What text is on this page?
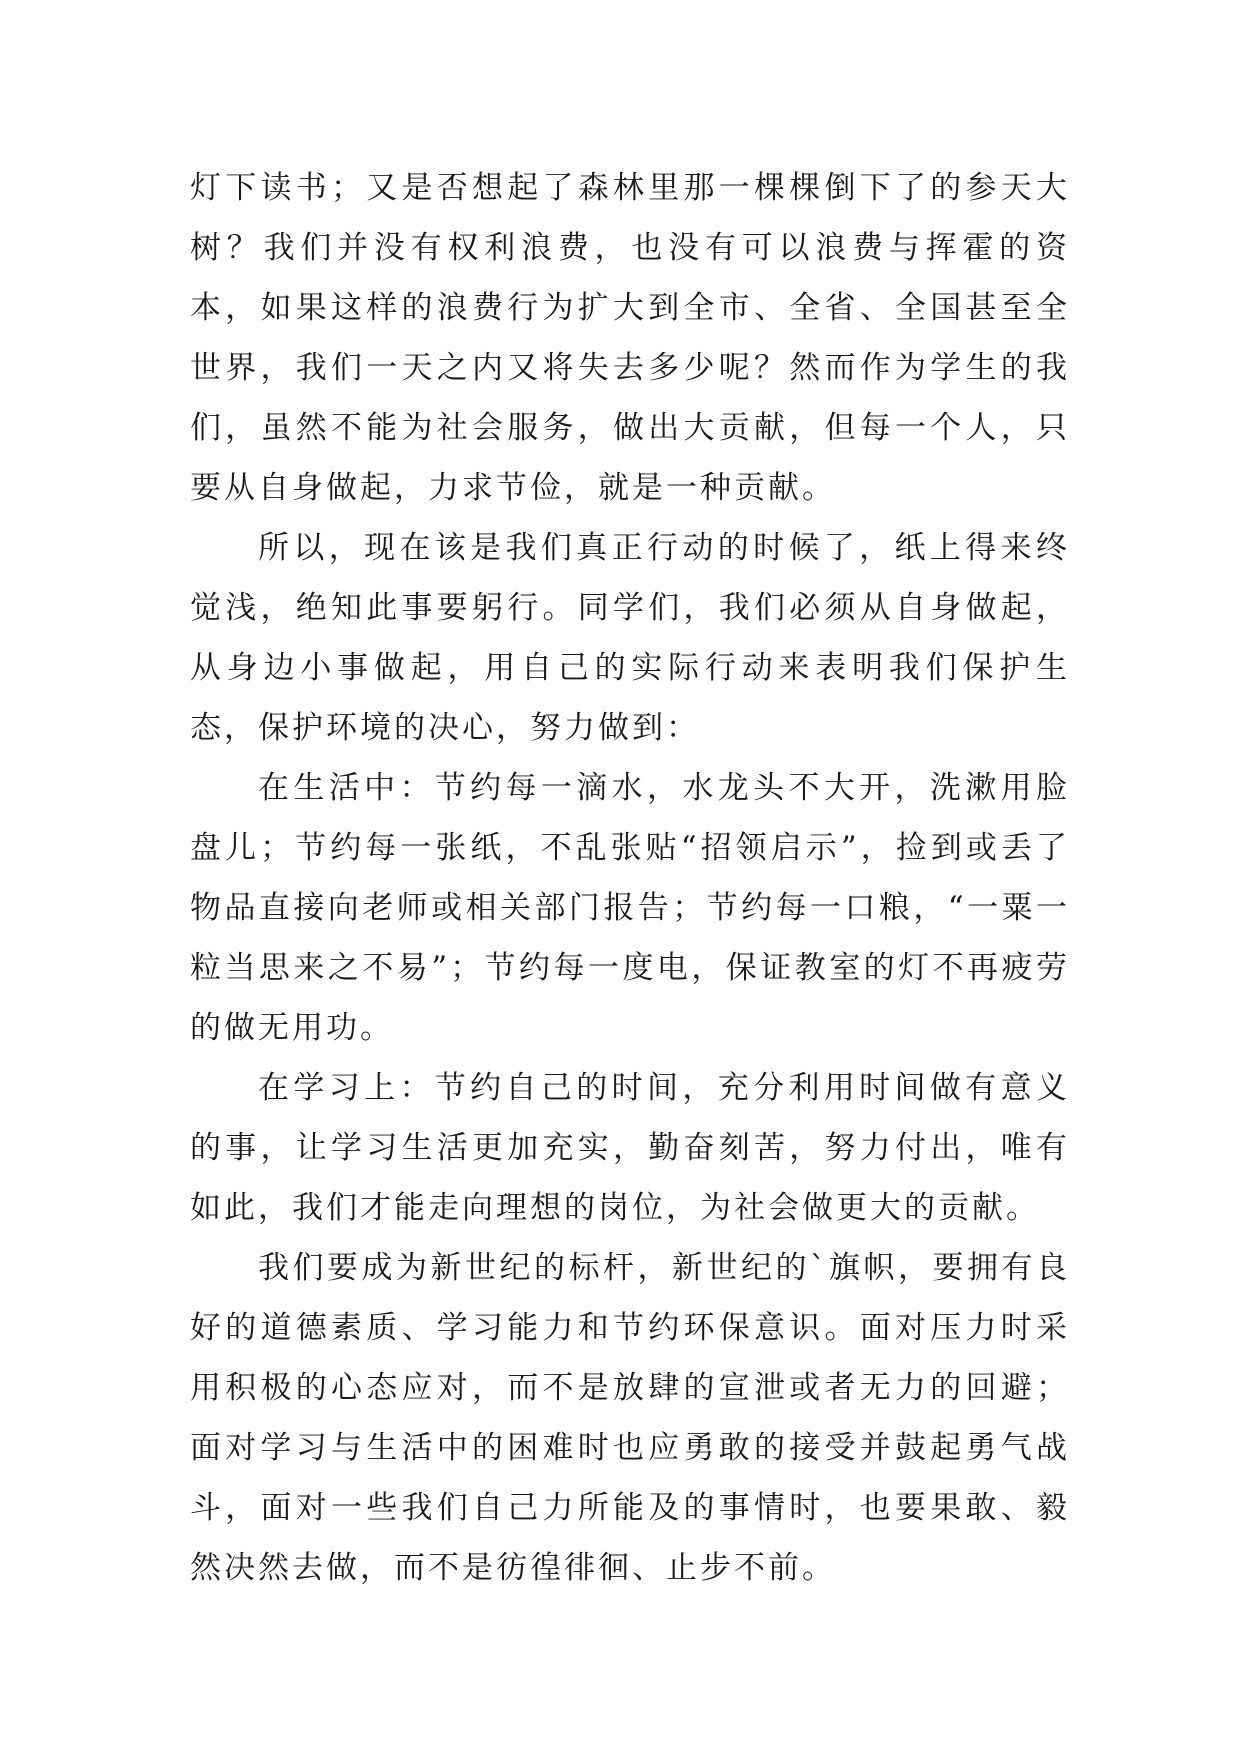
灯下读书；又是否想起了森林里那一棵棵倒下了的参天大树？我们并没有权利浪费，也没有可以浪费与挥霍的资本，如果这样的浪费行为扩大到全市、全省、全国甚至全世界，我们一天之内又将失去多少呢？然而作为学生的我们，虽然不能为社会服务，做出大贡献，但每一个人，只要从自身做起，力求节俭，就是一种贡献。

所以，现在该是我们真正行动的时候了，纸上得来终觉浅，绝知此事要躬行。同学们，我们必须从自身做起，从身边小事做起，用自己的实际行动来表明我们保护生态，保护环境的决心，努力做到：

在生活中：节约每一滴水，水龙头不大开，洗漱用脸盘儿；节约每一张纸，不乱张贴“招领启示”，捡到或丢了物品直接向老师或相关部门报告；节约每一口粮，“一粟一粒当思来之不易”；节约每一度电，保证教室的灯不再疲劳的做无用功。

在学习上：节约自己的时间，充分利用时间做有意义的事，让学习生活更加充实，勤奋刻苦，努力付出，唯有如此，我们才能走向理想的岗位，为社会做更大的贡献。

我们要成为新世纪的标杆，新世纪的`旗帜，要拥有良好的道德素质、学习能力和节约环保意识。面对压力时采用积极的心态应对，而不是放肆的宣泄或者无力的回避；面对学习与生活中的困难时也应勇敢的接受并鼓起勇气战斗，面对一些我们自己力所能及的事情时，也要果敢、毅然决然去做，而不是彷徨徘徊、止步不前。
